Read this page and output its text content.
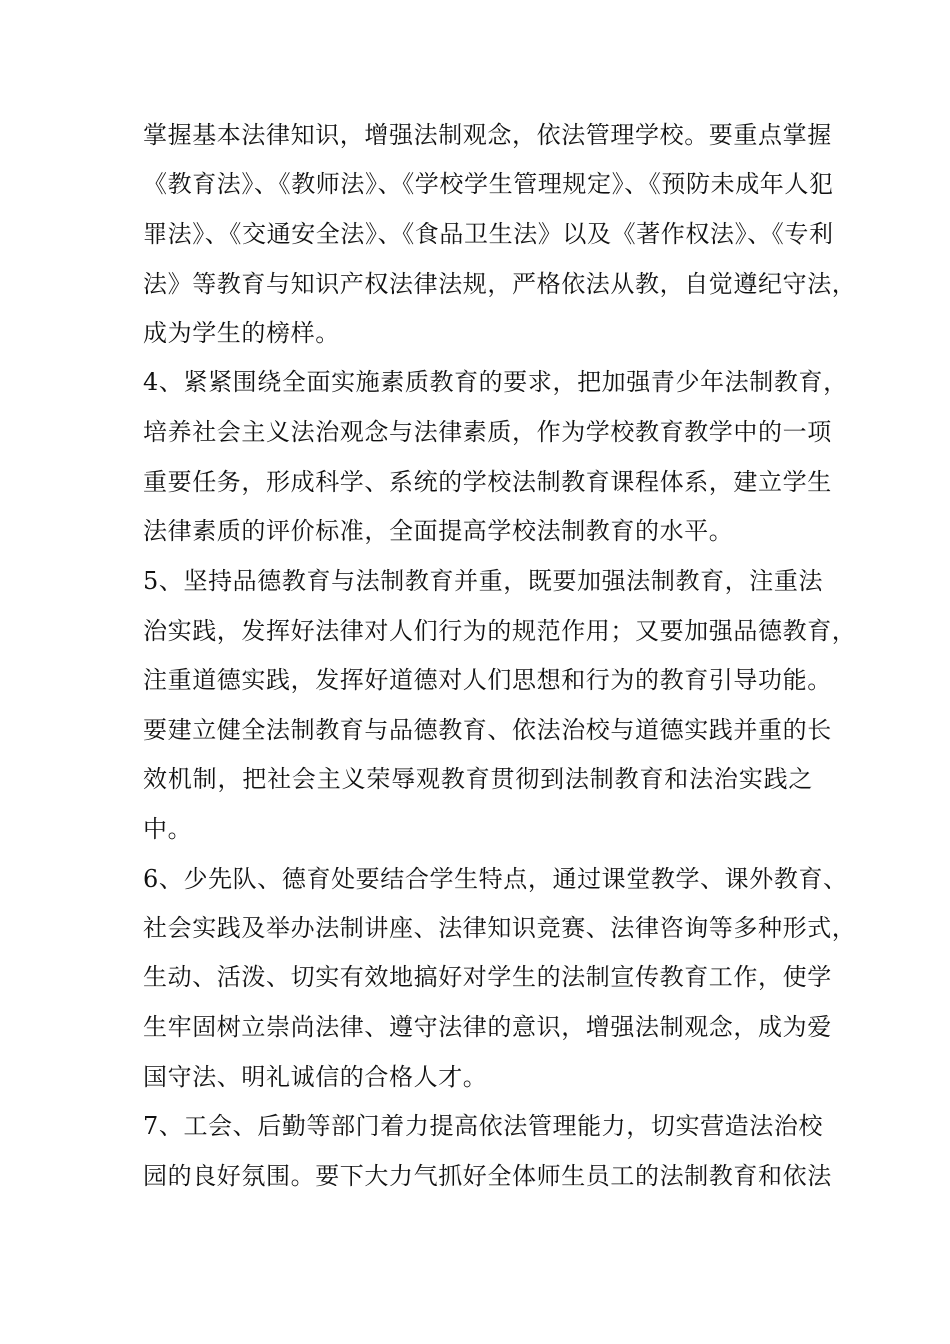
掌握基本法律知识，增强法制观念，依法管理学校。要重点掌握
《教育法》、《教师法》、《学校学生管理规定》、《预防未成年人犯
罪法》、《交通安全法》、《食品卫生法》以及《著作权法》、《专利
法》等教育与知识产权法律法规，严格依法从教，自觉遵纪守法，
成为学生的榜样。
4、紧紧围绕全面实施素质教育的要求，把加强青少年法制教育，
培养社会主义法治观念与法律素质，作为学校教育教学中的一项
重要任务，形成科学、系统的学校法制教育课程体系，建立学生
法律素质的评价标准，全面提高学校法制教育的水平。
5、坚持品德教育与法制教育并重，既要加强法制教育，注重法
治实践，发挥好法律对人们行为的规范作用；又要加强品德教育，
注重道德实践，发挥好道德对人们思想和行为的教育引导功能。
要建立健全法制教育与品德教育、依法治校与道德实践并重的长
效机制，把社会主义荣辱观教育贯彻到法制教育和法治实践之
中。
6、少先队、德育处要结合学生特点，通过课堂教学、课外教育、
社会实践及举办法制讲座、法律知识竞赛、法律咨询等多种形式，
生动、活泼、切实有效地搞好对学生的法制宣传教育工作，使学
生牢固树立崇尚法律、遵守法律的意识，增强法制观念，成为爱
国守法、明礼诚信的合格人才。
7、工会、后勤等部门着力提高依法管理能力，切实营造法治校
园的良好氛围。要下大力气抓好全体师生员工的法制教育和依法
